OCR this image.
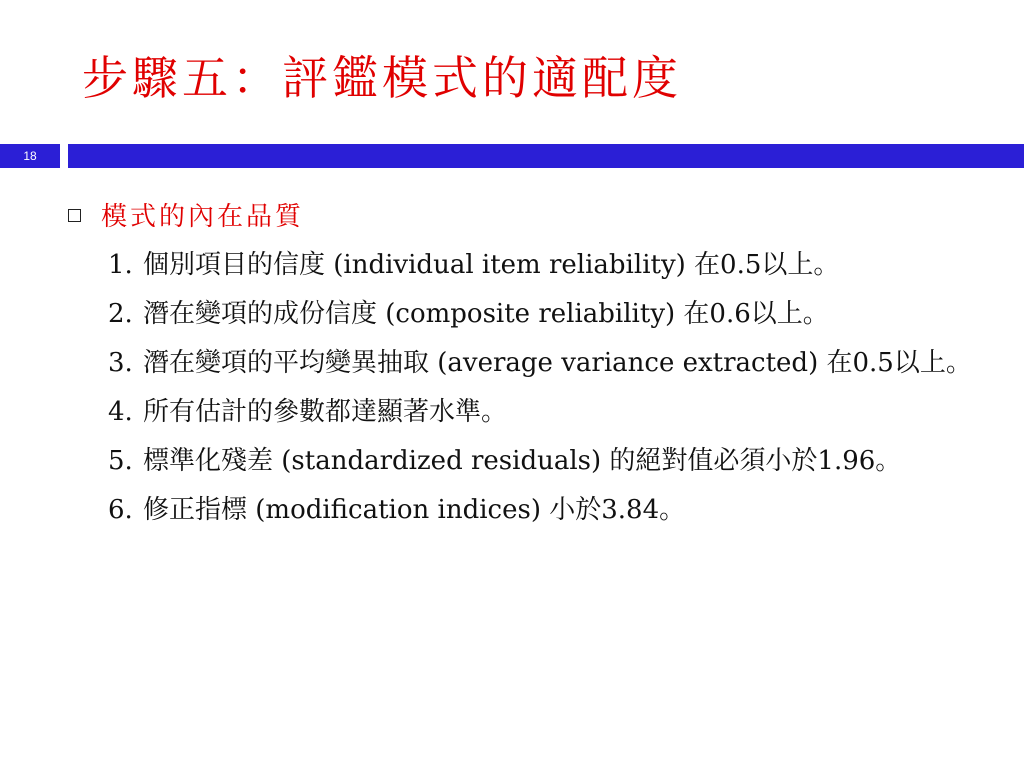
步驟五：評鑑模式的適配度
18
模式的內在品質
1. 個別項目的信度 (individual item reliability) 在0.5以上。
2. 潛在變項的成份信度 (composite reliability) 在0.6以上。
3. 潛在變項的平均變異抽取 (average variance extracted) 在0.5以上。
4. 所有估計的參數都達顯著水準。
5. 標準化殘差 (standardized residuals) 的絕對值必須小於1.96。
6. 修正指標 (modification indices) 小於3.84。
